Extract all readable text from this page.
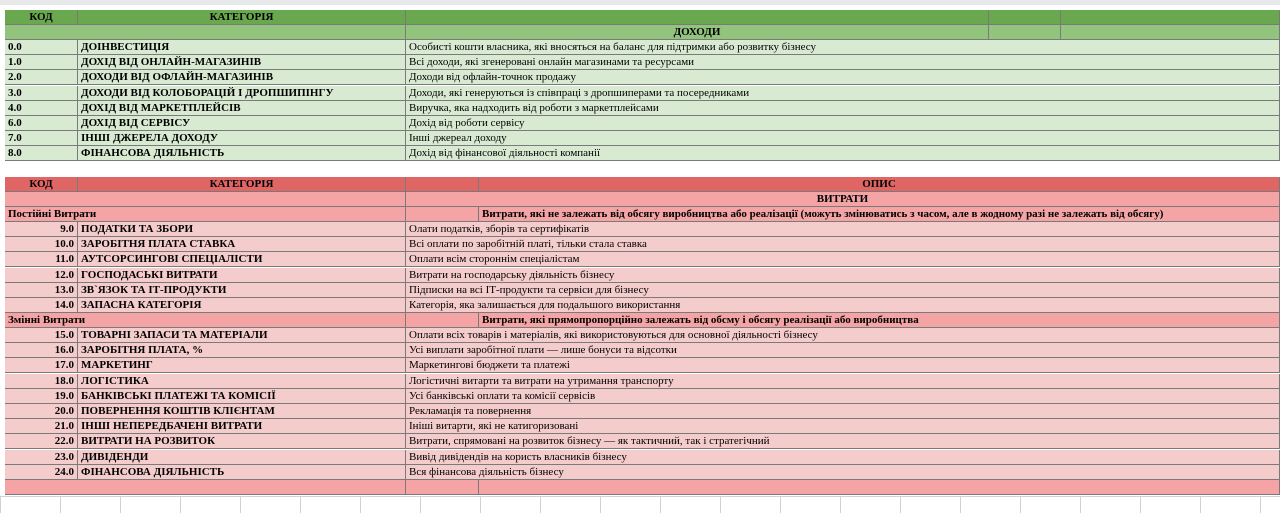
КОД	КАТЕГОРІЯ
ДОХОДИ
0.0	ДОІНВЕСТИЦІЯ	Особисті кошти власника, які вносяться на баланс для підтримки або розвитку бізнесу
1.0	ДОХІД ВІД ОНЛАЙН-МАГАЗИНІВ	Всі доходи, які згенеровані онлайн магазинами та ресурсами
2.0	ДОХОДИ ВІД ОФЛАЙН-МАГАЗИНІВ	Доходи від офлайн-точнок продажу
3.0	ДОХОДИ ВІД КОЛОБОРАЦІЙ І ДРОПШИПІНГУ	Доходи, які генеруються із співпраці з дропшиперами та посередниками
4.0	ДОХІД ВІД МАРКЕТПЛЕЙСІВ	Виручка, яка надходить від роботи з маркетплейсами
6.0	ДОХІД ВІД СЕРВІСУ	Дохід від роботи сервісу
7.0	ІНШІ ДЖЕРЕЛА ДОХОДУ	Інші джереал доходу
8.0	ФІНАНСОВА ДІЯЛЬНІСТЬ	Дохід від фінансової діяльності компанії
КОД	КАТЕГОРІЯ	ОПИС
ВИТРАТИ
Постійні Витрати	Витрати, які не залежать від обсягу виробництва або реалізації (можуть змінюватись з часом, але в жодному разі не залежать від обсягу)
9.0 ПОДАТКИ ТА ЗБОРИ	Олати податків, зборів та сертифікатів
10.0 ЗАРОБІТНЯ ПЛАТА СТАВКА	Всі оплати по заробітній платі, тільки стала ставка
11.0 АУТСОРСИНГОВІ СПЕЦІАЛІСТИ	Оплати всім стороннім спеціалістам
12.0 ГОСПОДАСЬКІ ВИТРАТИ	Витрати на господарську діяльність бізнесу
13.0 ЗВ`ЯЗОК ТА ІТ-ПРОДУКТИ	Підписки на всі ІТ-продукти та сервіси для бізнесу
14.0 ЗАПАСНА КАТЕГОРІЯ	Категорія, яка залишається для подальшого використання
Змінні Витрати	Витрати, які прямопропорційно залежать від обсму і обсягу реалізації або виробництва
15.0 ТОВАРНІ ЗАПАСИ ТА МАТЕРІАЛИ	Оплати всіх товарів і матеріалів, які використовуються для основної діяльності бізнесу
16.0 ЗАРОБІТНЯ ПЛАТА, %	Усі виплати заробітної плати — лише бонуси та відсотки
17.0 МАРКЕТИНГ	Маркетингові бюджети та платежі
18.0 ЛОГІСТИКА	Логістичні витарти та витрати на утримання транспорту
19.0 БАНКІВСЬКІ ПЛАТЕЖІ ТА КОМІСІЇ	Усі банківські оплати та комісії сервісів
20.0 ПОВЕРНЕННЯ КОШТІВ КЛІЄНТАМ	Рекламація та повернення
21.0 ІНШІ НЕПЕРЕДБАЧЕНІ ВИТРАТИ	Ініші витарти, які не катигоризовані
22.0 ВИТРАТИ НА РОЗВИТОК	Витрати, спрямовані на розвиток бізнесу — як тактичний, так і стратегічний
23.0 ДИВІДЕНДИ	Вивід дивідендів на користь власників бізнесу
24.0 ФІНАНСОВА ДІЯЛЬНІСТЬ	Вся фінансова діяльність бізнесу
